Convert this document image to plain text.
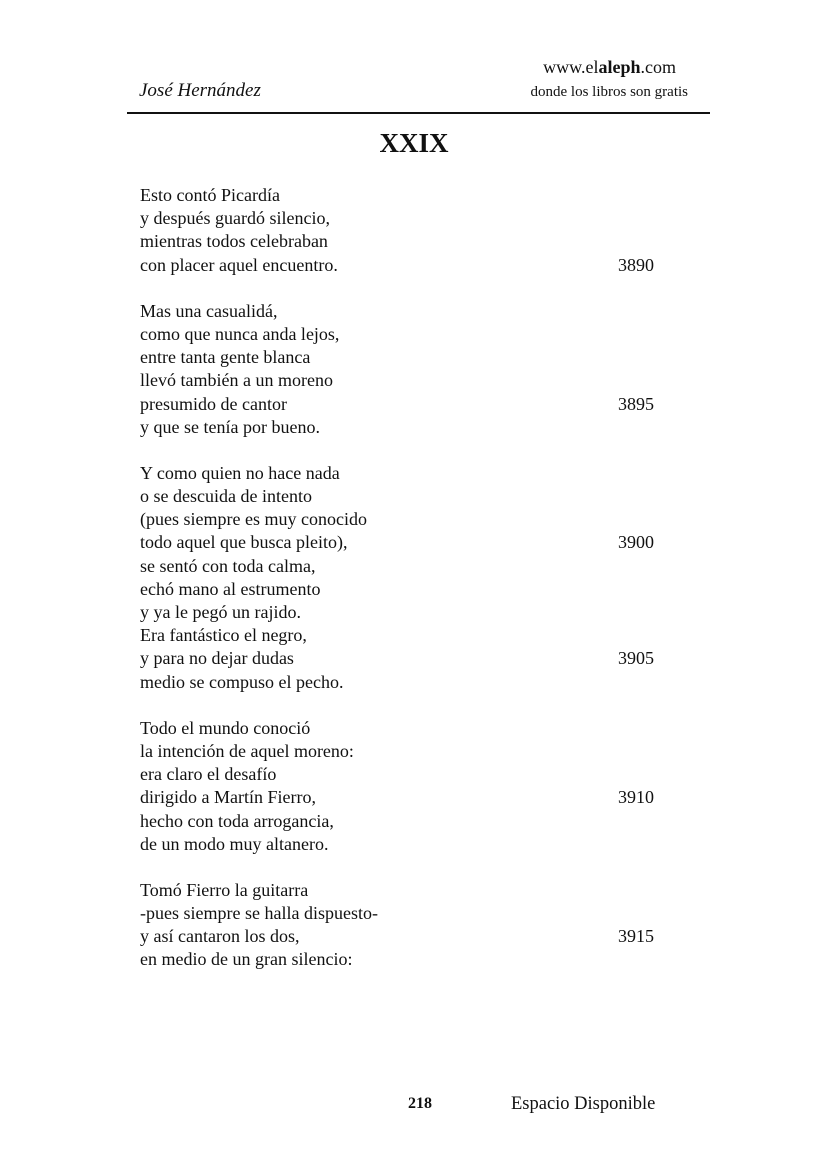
José Hernández
www.elaleph.com
donde los libros son gratis
XXIX
Esto contó Picardía
y después guardó silencio,
mientras todos celebraban
con placer aquel encuentro.	3890
Mas una casualidá,
como que nunca anda lejos,
entre tanta gente blanca
llevó también a un moreno
presumido de cantor	3895
y que se tenía por bueno.
Y como quien no hace nada
o se descuida de intento
(pues siempre es muy conocido
todo aquel que busca pleito),	3900
se sentó con toda calma,
echó mano al estrumento
y ya le pegó un rajido.
Era fantástico el negro,
y para no dejar dudas	3905
medio se compuso el pecho.
Todo el mundo conoció
la intención de aquel moreno:
era claro el desafío
dirigido a Martín Fierro,	3910
hecho con toda arrogancia,
de un modo muy altanero.
Tomó Fierro la guitarra
-pues siempre se halla dispuesto-
y así cantaron los dos,	3915
en medio de un gran silencio:
218	Espacio Disponible
